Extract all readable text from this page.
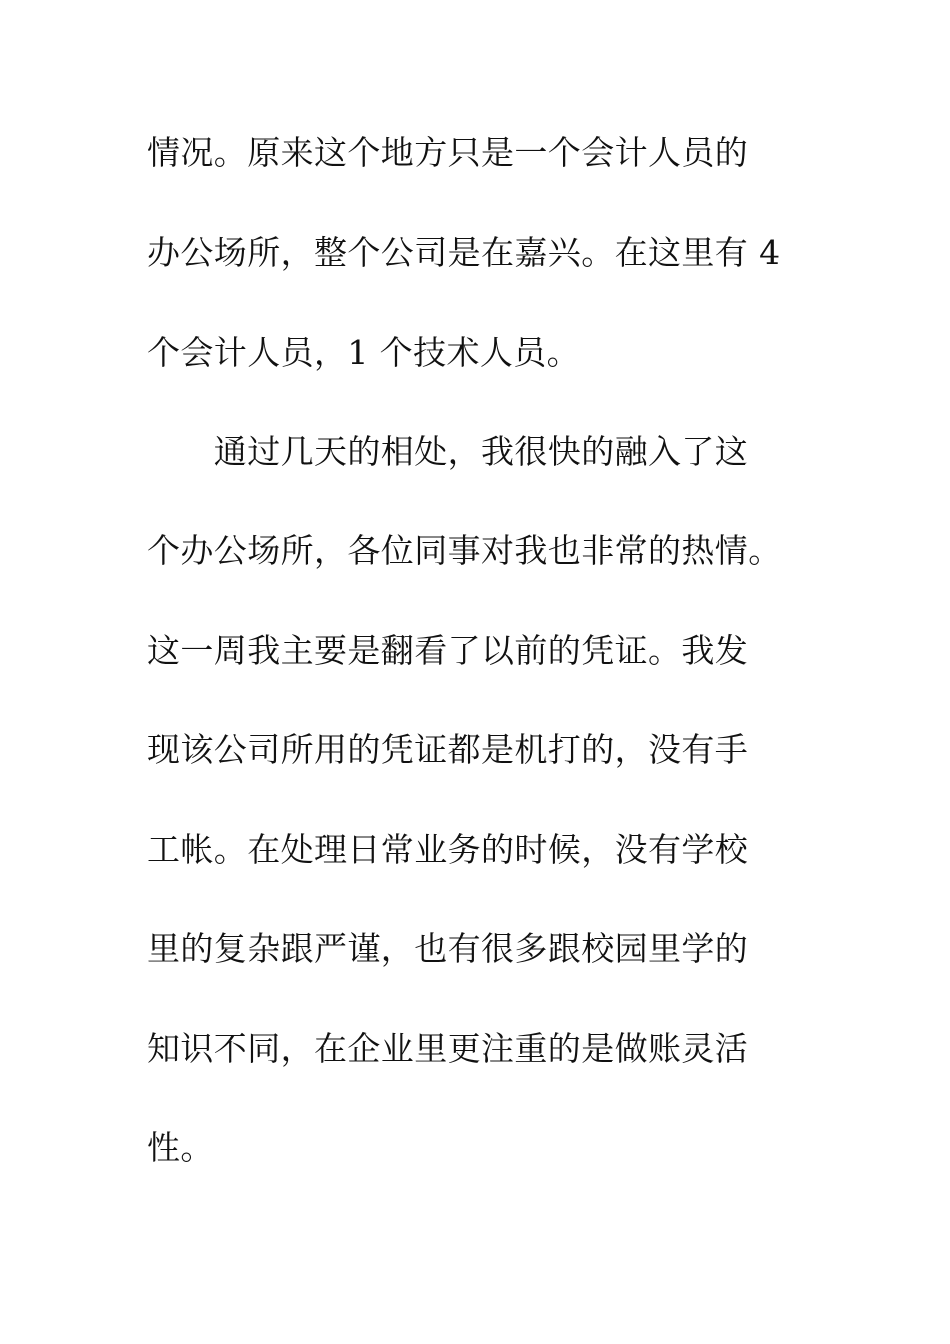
情况。原来这个地方只是一个会计人员的
办公场所，整个公司是在嘉兴。在这里有 4
个会计人员，1 个技术人员。
　　通过几天的相处，我很快的融入了这
个办公场所，各位同事对我也非常的热情。
这一周我主要是翻看了以前的凭证。我发
现该公司所用的凭证都是机打的，没有手
工帐。在处理日常业务的时候，没有学校
里的复杂跟严谨，也有很多跟校园里学的
知识不同，在企业里更注重的是做账灵活
性。
